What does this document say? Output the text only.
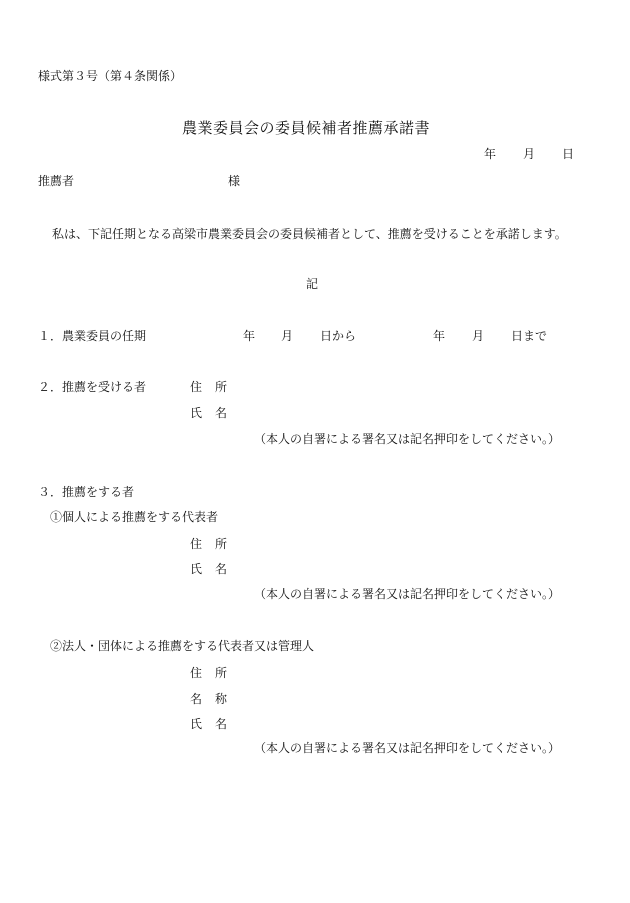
様式第３号（第４条関係）
農業委員会の委員候補者推薦承諾書
年 月 日
推薦者	様
私は、下記任期となる高梁市農業委員会の委員候補者として、推薦を受けることを承諾します。
記
１．農業委員の任期	年 月 日から	年 月 日まで
２．推薦を受ける者	住 所
氏 名
（本人の自署による署名又は記名押印をしてください。）
３．推薦をする者
①個人による推薦をする代表者
住 所
氏 名
（本人の自署による署名又は記名押印をしてください。）
②法人・団体による推薦をする代表者又は管理人
住 所
名 称
氏 名
（本人の自署による署名又は記名押印をしてください。）
